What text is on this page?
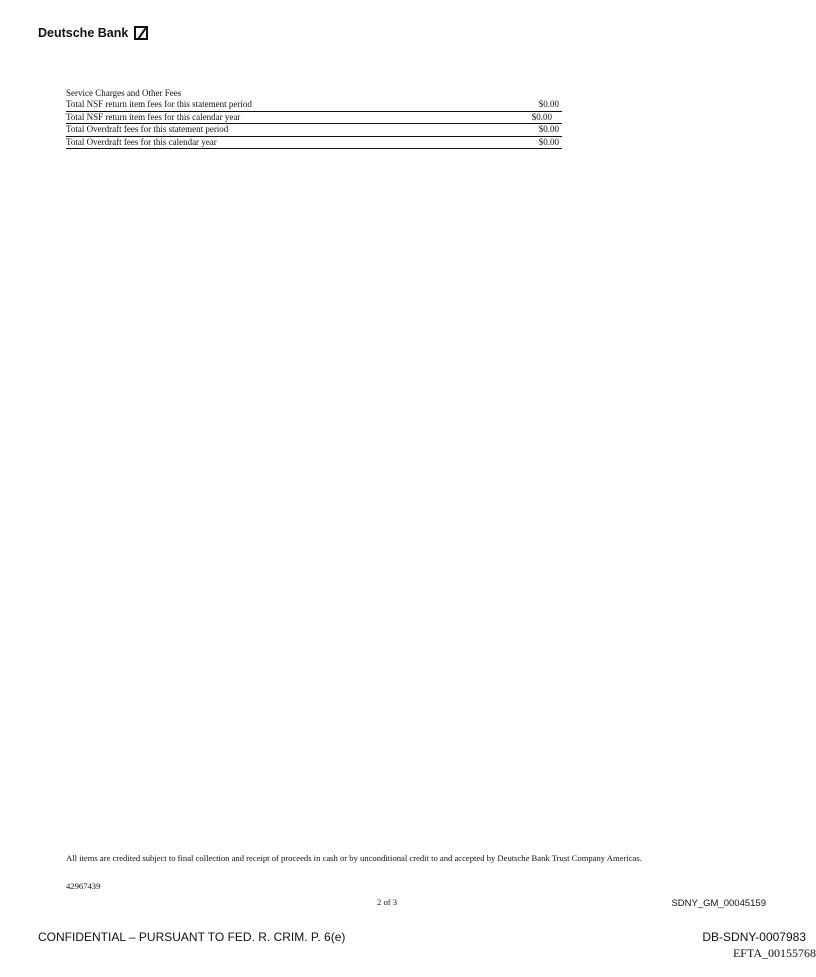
Deutsche Bank
Service Charges and Other Fees
Total NSF return item fees for this statement period	$0.00
Total NSF return item fees for this calendar year	$0.00
Total Overdraft fees for this statement period	$0.00
Total Overdraft fees for this calendar year	$0.00
All items are credited subject to final collection and receipt of proceeds in cash or by unconditional credit to and accepted by Deutsche Bank Trust Company Americas.
42967439
2 of 3	SDNY_GM_00045159
CONFIDENTIAL – PURSUANT TO FED. R. CRIM. P. 6(e)	DB-SDNY-0007983
EFTA_00155768
